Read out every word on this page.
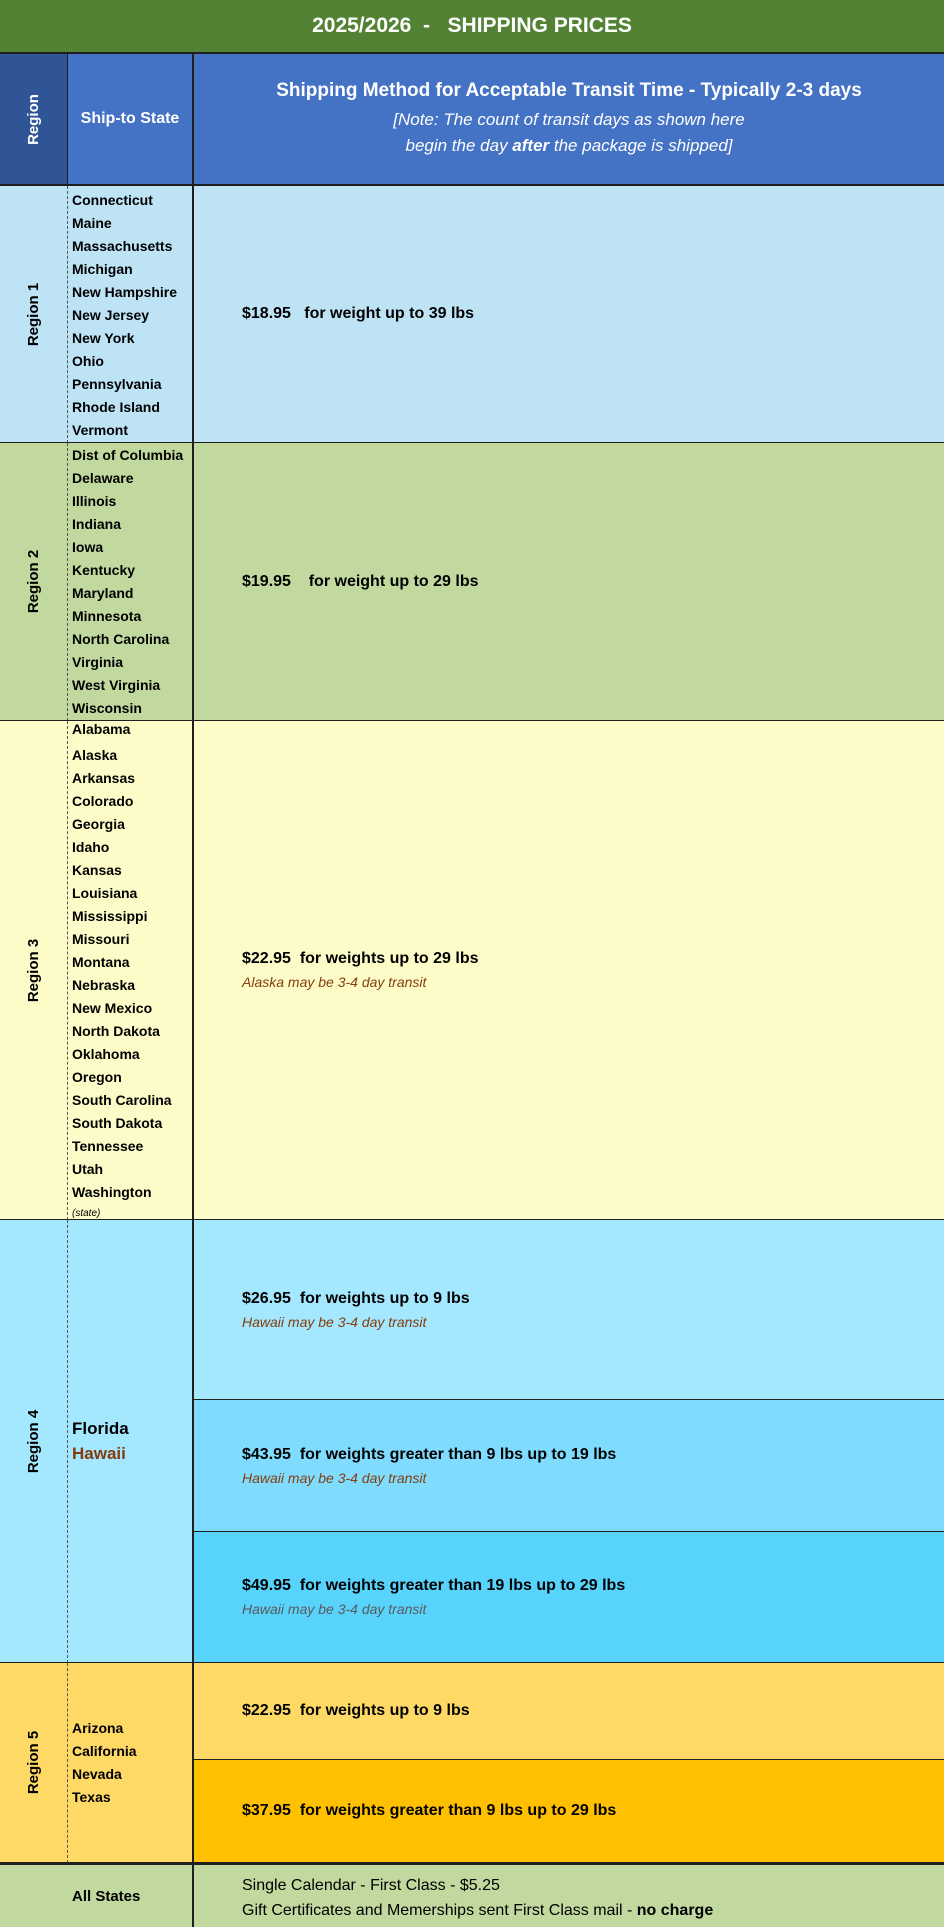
2025/2026  -   SHIPPING PRICES
Region	Ship-to State
Shipping Method for Acceptable Transit Time - Typically 2-3 days
[Note: The count of transit days as shown here
begin the day after the package is shipped]
Region 1
Connecticut
Maine
Massachusetts
Michigan
New Hampshire
New Jersey
New York
Ohio
Pennsylvania
Rhode Island
Vermont
$18.95   for weight up to 39 lbs
Region 2
Dist of Columbia
Delaware
Illinois
Indiana
Iowa
Kentucky
Maryland
Minnesota
North Carolina
Virginia
West Virginia
Wisconsin
$19.95    for weight up to 29 lbs
Region 3
Alabama
Alaska
Arkansas
Colorado
Georgia
Idaho
Kansas
Louisiana
Mississippi
Missouri
Montana
Nebraska
New Mexico
North Dakota
Oklahoma
Oregon
South Carolina
South Dakota
Tennessee
Utah
Washington
(state)
$22.95  for weights up to 29 lbs
Alaska may be 3-4 day transit
Region 4 Florida
Hawaii
$26.95  for weights up to 9 lbs
Hawaii may be 3-4 day transit
$43.95  for weights greater than 9 lbs up to 19 lbs
Hawaii may be 3-4 day transit
$49.95  for weights greater than 19 lbs up to 29 lbs
Hawaii may be 3-4 day transit
Region 5
Arizona
California
Nevada
Texas
$22.95  for weights up to 9 lbs
$37.95  for weights greater than 9 lbs up to 29 lbs
All States
Single Calendar - First Class - $5.25
Gift Certificates and Memerships sent First Class mail - no charge
